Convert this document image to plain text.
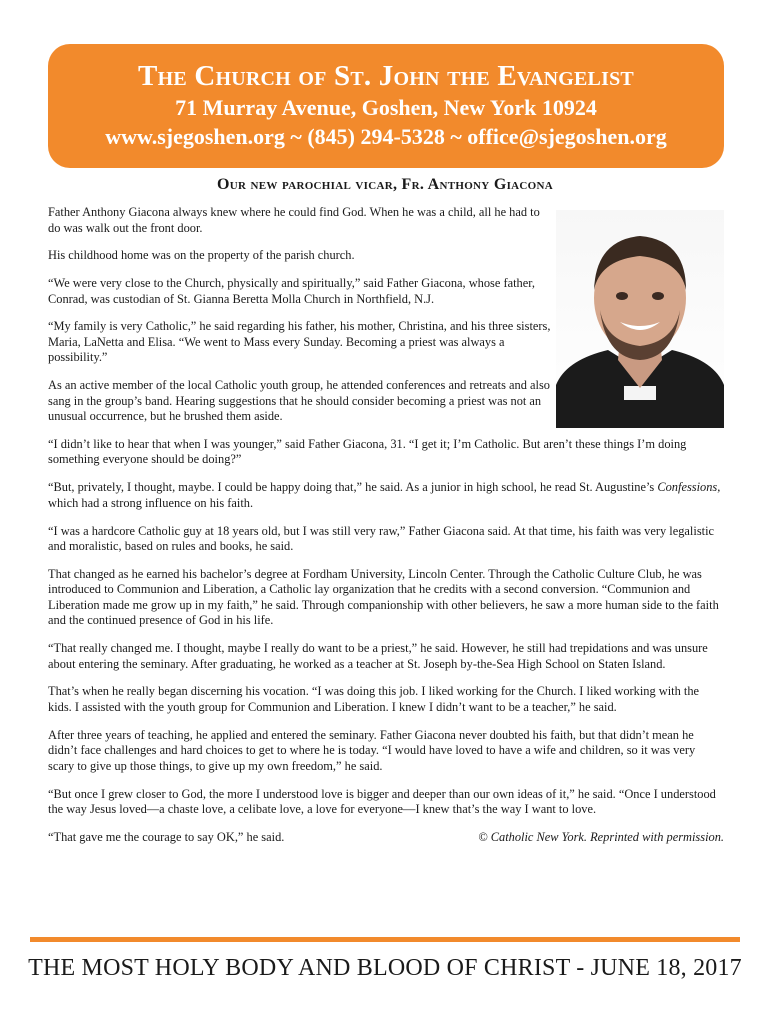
The Church of St. John the Evangelist
71 Murray Avenue, Goshen, New York 10924
www.sjegoshen.org ~ (845) 294-5328 ~ office@sjegoshen.org
Our new parochial vicar, Fr. Anthony Giacona

Father Anthony Giacona always knew where he could find God. When he was a child, all he had to do was walk out the front door.

His childhood home was on the property of the parish church.

“We were very close to the Church, physically and spiritually,” said Father Giacona, whose father, Conrad, was custodian of St. Gianna Beretta Molla Church in Northfield, N.J.

“My family is very Catholic,” he said regarding his father, his mother, Christina, and his three sisters, Maria, LaNetta and Elisa. “We went to Mass every Sunday. Becoming a priest was always a possibility.”

As an active member of the local Catholic youth group, he attended conferences and retreats and also sang in the group’s band. Hearing suggestions that he should consider becoming a priest was not an unusual occurrence, but he brushed them aside.

“I didn’t like to hear that when I was younger,” said Father Giacona, 31. “I get it; I’m Catholic. But aren’t these things I’m doing something everyone should be doing?”

“But, privately, I thought, maybe. I could be happy doing that,” he said. As a junior in high school, he read St. Augustine’s Confessions, which had a strong influence on his faith.

“I was a hardcore Catholic guy at 18 years old, but I was still very raw,” Father Giacona said. At that time, his faith was very legalistic and moralistic, based on rules and books, he said.

That changed as he earned his bachelor’s degree at Fordham University, Lincoln Center. Through the Catholic Culture Club, he was introduced to Communion and Liberation, a Catholic lay organization that he credits with a second conversion. “Communion and Liberation made me grow up in my faith,” he said. Through companionship with other believers, he saw a more human side to the faith and the continued presence of God in his life.

“That really changed me. I thought, maybe I really do want to be a priest,” he said. However, he still had trepidations and was unsure about entering the seminary. After graduating, he worked as a teacher at St. Joseph by-the-Sea High School on Staten Island.

That’s when he really began discerning his vocation. “I was doing this job. I liked working for the Church. I liked working with the kids. I assisted with the youth group for Communion and Liberation. I knew I didn’t want to be a teacher,” he said.

After three years of teaching, he applied and entered the seminary. Father Giacona never doubted his faith, but that didn’t mean he didn’t face challenges and hard choices to get to where he is today. “I would have loved to have a wife and children, so it was very scary to give up those things, to give up my own freedom,” he said.

“But once I grew closer to God, the more I understood love is bigger and deeper than our own ideas of it,” he said. “Once I understood the way Jesus loved—a chaste love, a celibate love, a love for everyone—I knew that’s the way I want to love.

“That gave me the courage to say OK,” he said.	© Catholic New York. Reprinted with permission.
THE MOST HOLY BODY AND BLOOD OF CHRIST - JUNE 18, 2017
